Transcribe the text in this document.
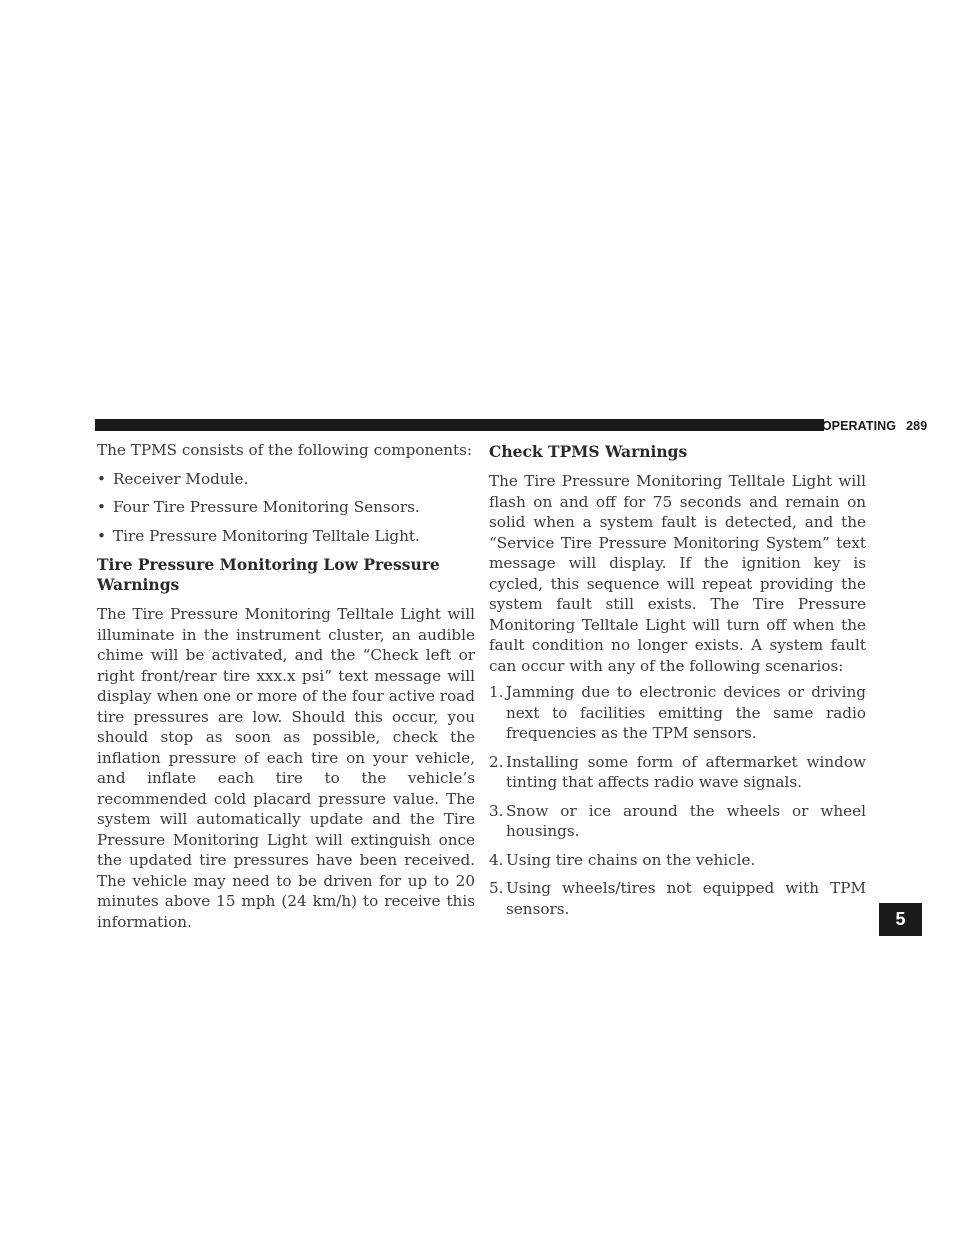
STARTING AND OPERATING 289
5

The TPMS consists of the following components:

• Receiver Module.
• Four Tire Pressure Monitoring Sensors.
• Tire Pressure Monitoring Telltale Light.
Tire Pressure Monitoring Low Pressure Warnings

The Tire Pressure Monitoring Telltale Light will illuminate in the instrument cluster, an audible chime will be activated, and the “Check left or right front/rear tire xxx.x psi” text message will display when one or more of the four active road tire pressures are low. Should this occur, you should stop as soon as possible, check the inflation pressure of each tire on your vehicle, and inflate each tire to the vehicle’s recommended cold placard pressure value. The system will automatically update and the Tire Pressure Monitoring Light will extinguish once the updated tire pressures have been received. The vehicle may need to be driven for up to 20 minutes above 15 mph (24 km/h) to receive this information.

Check TPMS Warnings

The Tire Pressure Monitoring Telltale Light will flash on and off for 75 seconds and remain on solid when a system fault is detected, and the “Service Tire Pressure Monitoring System” text message will display. If the ignition key is cycled, this sequence will repeat providing the system fault still exists. The Tire Pressure Monitoring Telltale Light will turn off when the fault condition no longer exists. A system fault can occur with any of the following scenarios:

1. Jamming due to electronic devices or driving next to facilities emitting the same radio frequencies as the TPM sensors.
2. Installing some form of aftermarket window tinting that affects radio wave signals.
3. Snow or ice around the wheels or wheel housings.
4. Using tire chains on the vehicle.
5. Using wheels/tires not equipped with TPM sensors.
